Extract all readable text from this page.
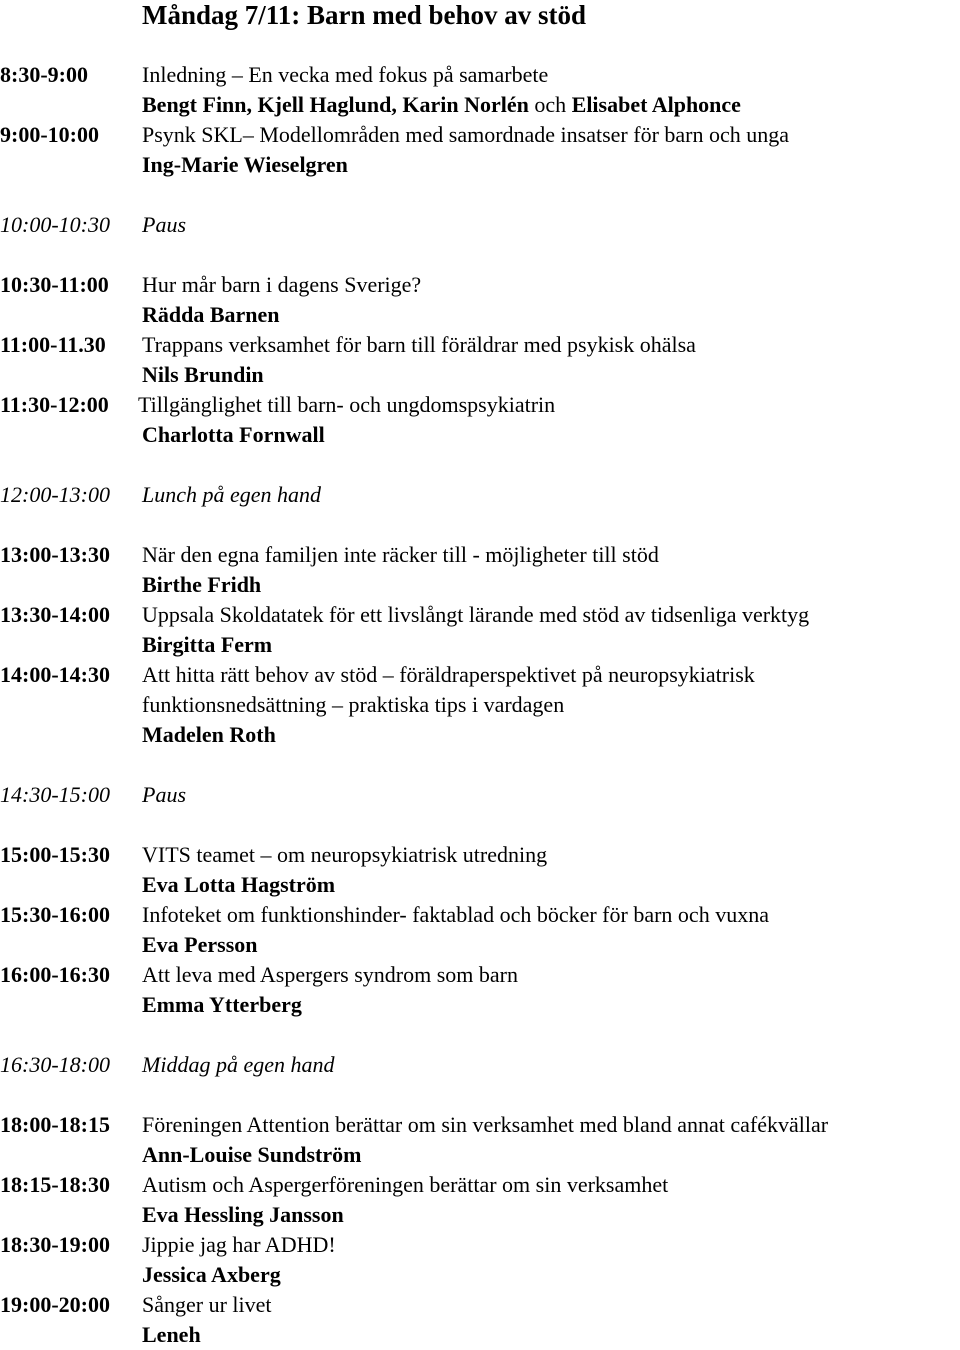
Måndag 7/11: Barn med behov av stöd
8:30-9:00 Inledning – En vecka med fokus på samarbete
Bengt Finn, Kjell Haglund, Karin Norlén och Elisabet Alphonce
9:00-10:00 Psynk SKL– Modellområden med samordnade insatser för barn och unga
Ing-Marie Wieselgren
10:00-10:30 Paus
10:30-11:00 Hur mår barn i dagens Sverige?
Rädda Barnen
11:00-11.30 Trappans verksamhet för barn till föräldrar med psykisk ohälsa
Nils Brundin
11:30-12:00 Tillgänglighet till barn- och ungdomspsykiatrin
Charlotta Fornwall
12:00-13:00 Lunch på egen hand
13:00-13:30 När den egna familjen inte räcker till - möjligheter till stöd
Birthe Fridh
13:30-14:00 Uppsala Skoldatatek för ett livslångt lärande med stöd av tidsenliga verktyg
Birgitta Ferm
14:00-14:30 Att hitta rätt behov av stöd – föräldraperspektivet på neuropsykiatrisk
funktionsnedsättning – praktiska tips i vardagen
Madelen Roth
14:30-15:00 Paus
15:00-15:30 VITS teamet – om neuropsykiatrisk utredning
Eva Lotta Hagström
15:30-16:00 Infoteket om funktionshinder- faktablad och böcker för barn och vuxna
Eva Persson
16:00-16:30 Att leva med Aspergers syndrom som barn
Emma Ytterberg
16:30-18:00 Middag på egen hand
18:00-18:15 Föreningen Attention berättar om sin verksamhet med bland annat cafékvällar
Ann-Louise Sundström
18:15-18:30 Autism och Aspergerföreningen berättar om sin verksamhet
Eva Hessling Jansson
18:30-19:00 Jippie jag har ADHD!
Jessica Axberg
19:00-20:00 Sånger ur livet
Leneh
